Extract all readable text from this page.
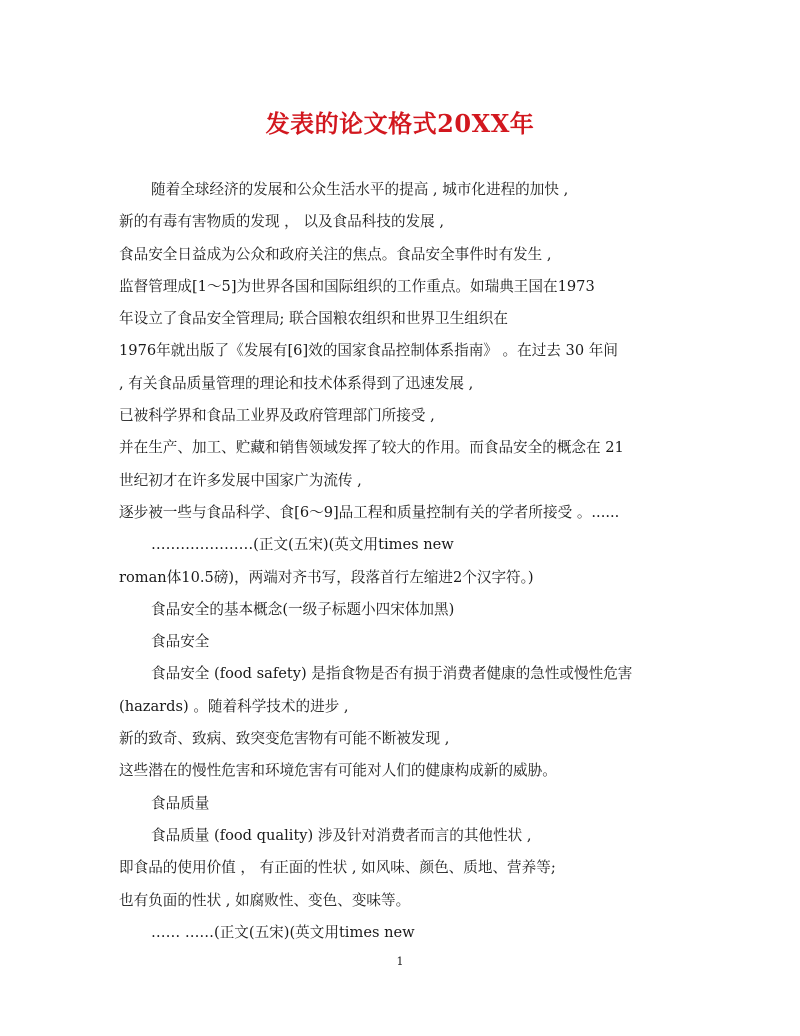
发表的论文格式20XX年
随着全球经济的发展和公众生活水平的提高 , 城市化进程的加快 ,
新的有毒有害物质的发现 ， 以及食品科技的发展 ,
食品安全日益成为公众和政府关注的焦点。食品安全事件时有发生 ,
监督管理成[1～5]为世界各国和国际组织的工作重点。如瑞典王国在1973
年设立了食品安全管理局; 联合国粮农组织和世界卫生组织在
1976年就出版了《发展有[6]效的国家食品控制体系指南》 。在过去 30 年间
, 有关食品质量管理的理论和技术体系得到了迅速发展 ,
已被科学界和食品工业界及政府管理部门所接受 ,
并在生产、加工、贮藏和销售领域发挥了较大的作用。而食品安全的概念在 21
世纪初才在许多发展中国家广为流传 ,
逐步被一些与食品科学、食[6～9]品工程和质量控制有关的学者所接受 。......
…………………(正文(五宋)(英文用times new
roman体10.5磅)，两端对齐书写，段落首行左缩进2个汉字符。)
食品安全的基本概念(一级子标题小四宋体加黑)
食品安全
食品安全 (food safety) 是指食物是否有损于消费者健康的急性或慢性危害
(hazards) 。随着科学技术的进步 ,
新的致奇、致病、致突变危害物有可能不断被发现 ,
这些潜在的慢性危害和环境危害有可能对人们的健康构成新的威胁。
食品质量
食品质量 (food quality) 涉及针对消费者而言的其他性状 ,
即食品的使用价值 ， 有正面的性状 , 如风味、颜色、质地、营养等;
也有负面的性状 , 如腐败性、变色、变味等。
…… ……(正文(五宋)(英文用times new
1
